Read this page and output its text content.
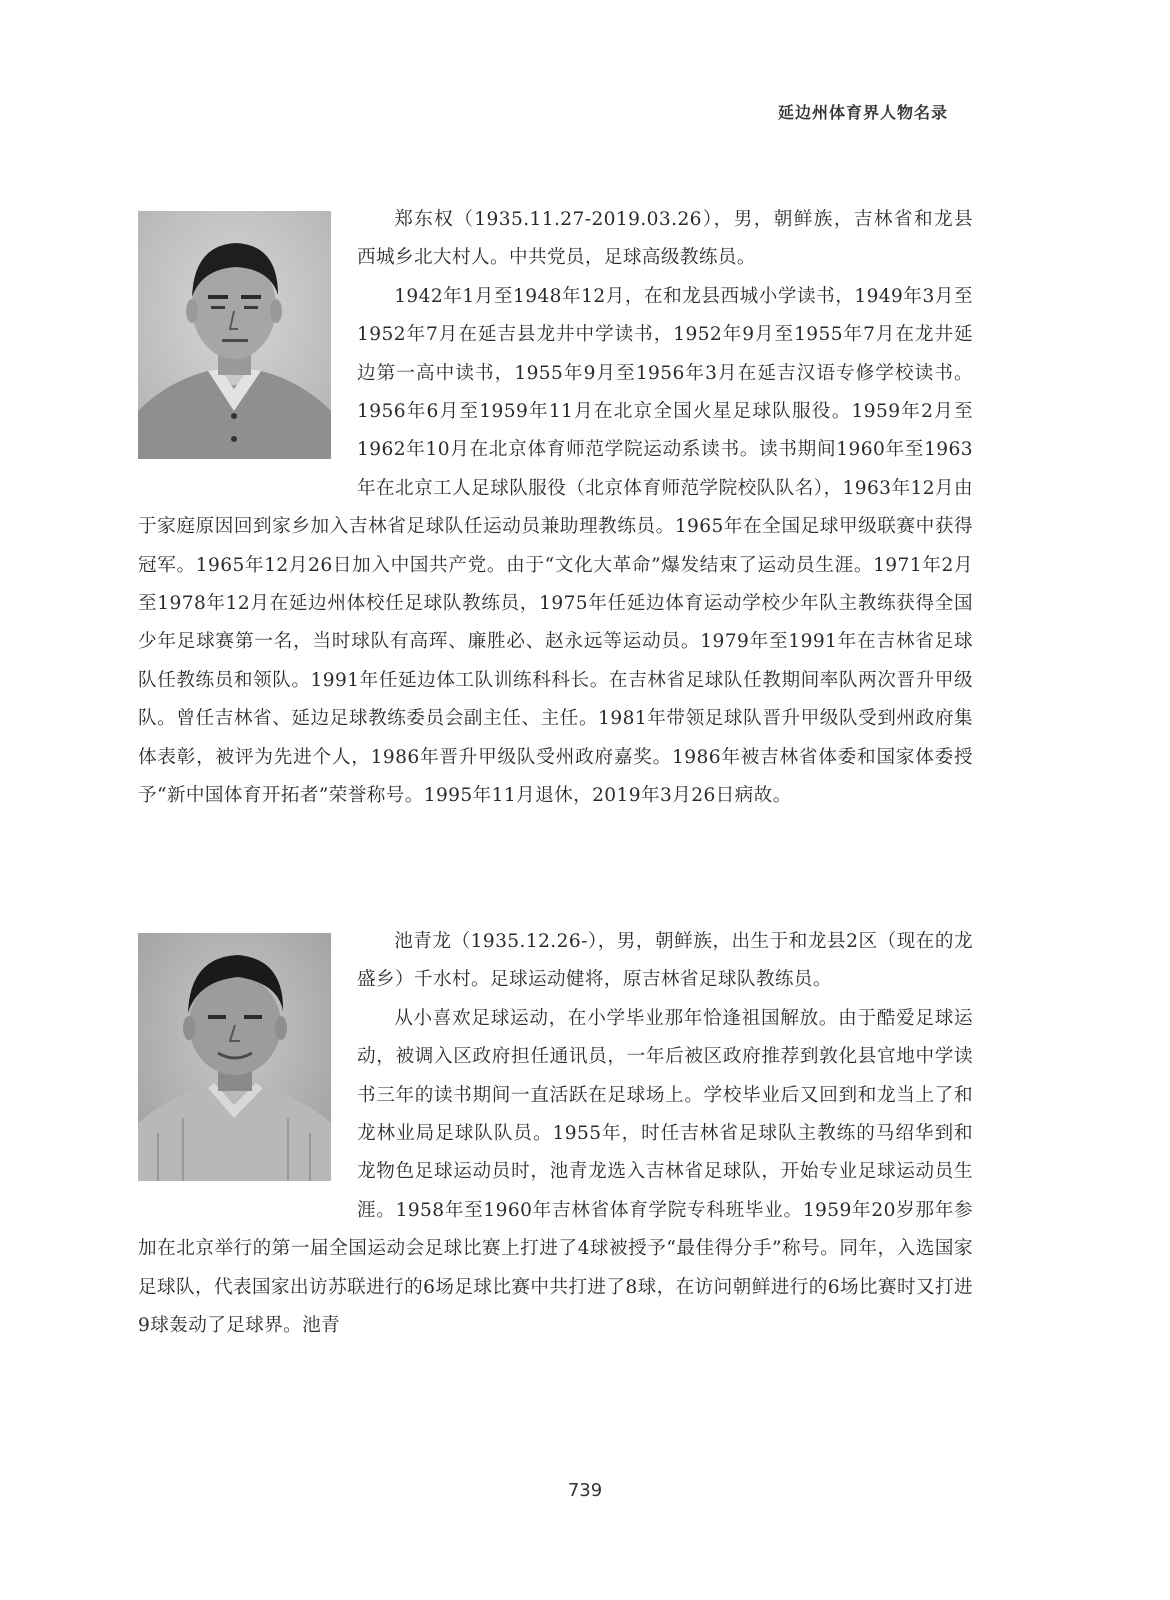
延边州体育界人物名录

郑东权（1935.11.27-2019.03.26），男，朝鲜族，吉林省和龙县西城乡北大村人。中共党员，足球高级教练员。

1942年1月至1948年12月，在和龙县西城小学读书，1949年3月至1952年7月在延吉县龙井中学读书，1952年9月至1955年7月在龙井延边第一高中读书，1955年9月至1956年3月在延吉汉语专修学校读书。1956年6月至1959年11月在北京全国火星足球队服役。1959年2月至1962年10月在北京体育师范学院运动系读书。读书期间1960年至1963年在北京工人足球队服役（北京体育师范学院校队队名），1963年12月由于家庭原因回到家乡加入吉林省足球队任运动员兼助理教练员。1965年在全国足球甲级联赛中获得冠军。1965年12月26日加入中国共产党。由于“文化大革命”爆发结束了运动员生涯。1971年2月至1978年12月在延边州体校任足球队教练员，1975年任延边体育运动学校少年队主教练获得全国少年足球赛第一名，当时球队有高珲、廉胜必、赵永远等运动员。1979年至1991年在吉林省足球队任教练员和领队。1991年任延边体工队训练科科长。在吉林省足球队任教期间率队两次晋升甲级队。曾任吉林省、延边足球教练委员会副主任、主任。1981年带领足球队晋升甲级队受到州政府集体表彰，被评为先进个人，1986年晋升甲级队受州政府嘉奖。1986年被吉林省体委和国家体委授予“新中国体育开拓者”荣誉称号。1995年11月退休，2019年3月26日病故。

池青龙（1935.12.26-），男，朝鲜族，出生于和龙县2区（现在的龙盛乡）千水村。足球运动健将，原吉林省足球队教练员。

从小喜欢足球运动，在小学毕业那年恰逢祖国解放。由于酷爱足球运动，被调入区政府担任通讯员，一年后被区政府推荐到敦化县官地中学读书三年的读书期间一直活跃在足球场上。学校毕业后又回到和龙当上了和龙林业局足球队队员。1955年，时任吉林省足球队主教练的马绍华到和龙物色足球运动员时，池青龙选入吉林省足球队，开始专业足球运动员生涯。1958年至1960年吉林省体育学院专科班毕业。1959年20岁那年参加在北京举行的第一届全国运动会足球比赛上打进了4球被授予“最佳得分手”称号。同年，入选国家足球队，代表国家出访苏联进行的6场足球比赛中共打进了8球，在访问朝鲜进行的6场比赛时又打进9球轰动了足球界。池青

739
